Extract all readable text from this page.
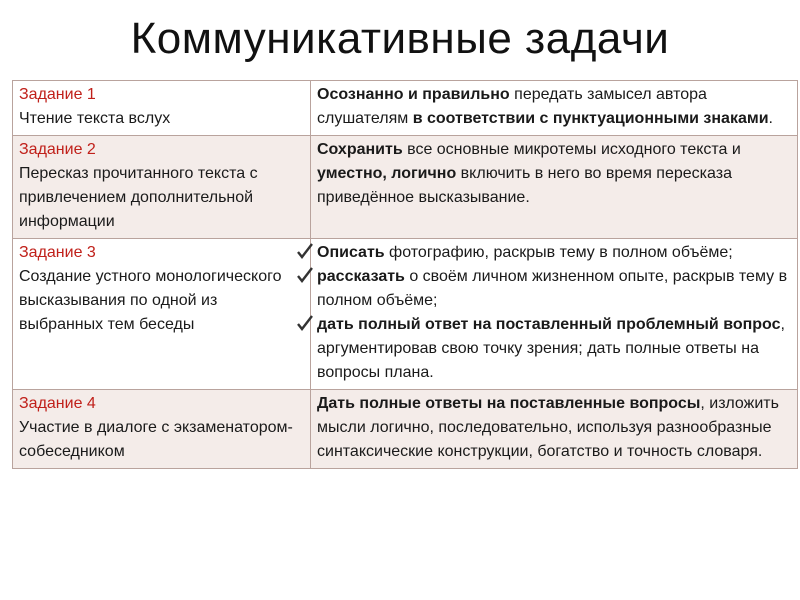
Коммуникативные задачи
Задание 1
Чтение текста вслух	Осознанно и правильно передать замысел автора слушателям в соответствии с пунктуационными знаками.

Задание 2
Пересказ прочитанного текста с привлечением дополнительной информации	Сохранить все основные микротемы исходного текста и уместно, логично включить в него во время пересказа приведённое высказывание.

Задание 3
Создание устного монологического высказывания по одной из выбранных тем беседы	Описать фотографию, раскрыв тему в полном объёме;
рассказать о своём личном жизненном опыте, раскрыв тему в полном объёме;
дать полный ответ на поставленный проблемный вопрос, аргументировав свою точку зрения; дать полные ответы на вопросы плана.

Задание 4
Участие в диалоге с экзаменатором-собеседником	Дать полные ответы на поставленные вопросы, изложить мысли логично, последовательно, используя разнообразные синтаксические конструкции, богатство и точность словаря.
